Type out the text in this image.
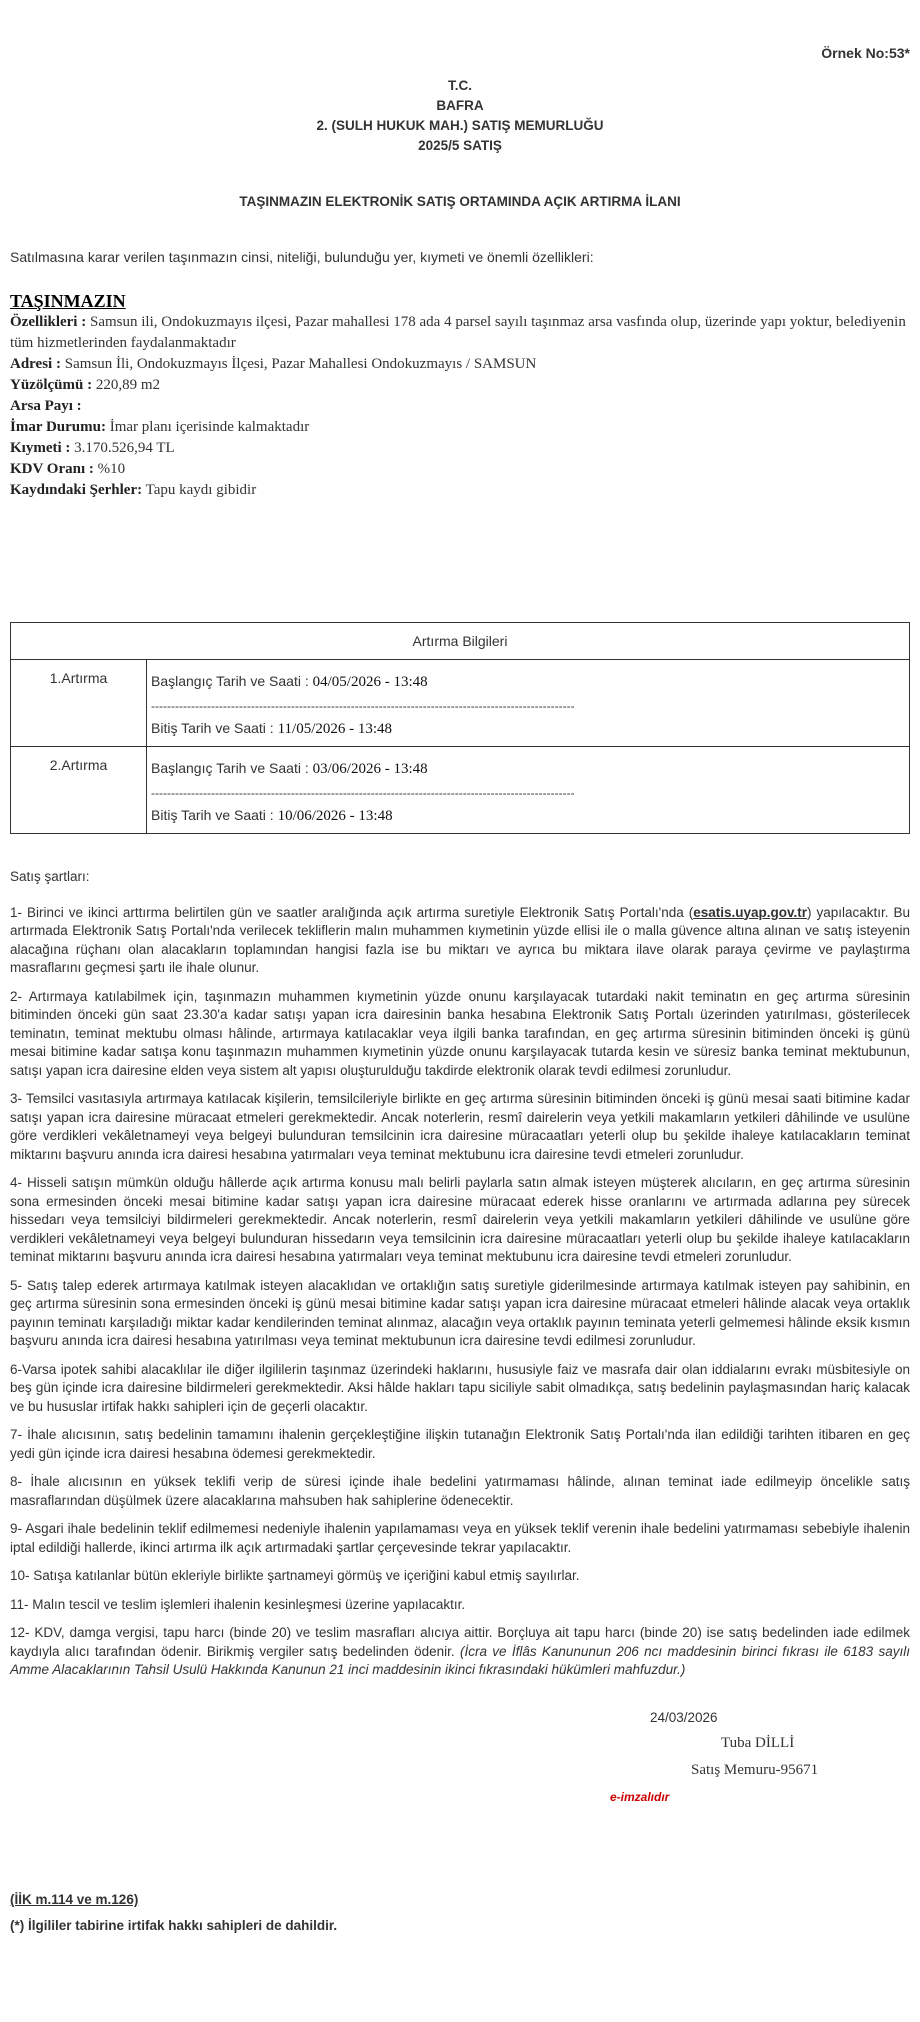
Örnek No:53*
T.C.
BAFRA
2. (SULH HUKUK MAH.) SATIŞ MEMURLUĞU
2025/5 SATIŞ
TAŞINMAZIN ELEKTRONİK SATIŞ ORTAMINDA AÇIK ARTIRMA İLANI
Satılmasına karar verilen taşınmazın cinsi, niteliği, bulunduğu yer, kıymeti ve önemli özellikleri:
TAŞINMAZIN
Özellikleri : Samsun ili, Ondokuzmayıs ilçesi, Pazar mahallesi 178 ada 4 parsel sayılı taşınmaz arsa vasfında olup, üzerinde yapı yoktur, belediyenin tüm hizmetlerinden faydalanmaktadır
Adresi : Samsun İli, Ondokuzmayıs İlçesi, Pazar Mahallesi Ondokuzmayıs / SAMSUN
Yüzölçümü : 220,89 m2
Arsa Payı :
İmar Durumu: İmar planı içerisinde kalmaktadır
Kıymeti : 3.170.526,94 TL
KDV Oranı : %10
Kaydındaki Şerhler: Tapu kaydı gibidir
Artırma Bilgileri	
1.Artırma	Başlangıç Tarih ve Saati : 04/05/2026 - 13:48
----------------------------------------------------------------------------------------------------------
Bitiş Tarih ve Saati : 11/05/2026 - 13:48

2.Artırma	Başlangıç Tarih ve Saati : 03/06/2026 - 13:48
----------------------------------------------------------------------------------------------------------
Bitiş Tarih ve Saati : 10/06/2026 - 13:48

Satış şartları:

1- Birinci ve ikinci arttırma belirtilen gün ve saatler aralığında açık artırma suretiyle Elektronik Satış Portalı'nda (esatis.uyap.gov.tr) yapılacaktır. Bu artırmada Elektronik Satış Portalı'nda verilecek tekliflerin malın muhammen kıymetinin yüzde ellisi ile o malla güvence altına alınan ve satış isteyenin alacağına rüçhanı olan alacakların toplamından hangisi fazla ise bu miktarı ve ayrıca bu miktara ilave olarak paraya çevirme ve paylaştırma masraflarını geçmesi şartı ile ihale olunur.

2- Artırmaya katılabilmek için, taşınmazın muhammen kıymetinin yüzde onunu karşılayacak tutardaki nakit teminatın en geç artırma süresinin bitiminden önceki gün saat 23.30'a kadar satışı yapan icra dairesinin banka hesabına Elektronik Satış Portalı üzerinden yatırılması, gösterilecek teminatın, teminat mektubu olması hâlinde, artırmaya katılacaklar veya ilgili banka tarafından, en geç artırma süresinin bitiminden önceki iş günü mesai bitimine kadar satışa konu taşınmazın muhammen kıymetinin yüzde onunu karşılayacak tutarda kesin ve süresiz banka teminat mektubunun, satışı yapan icra dairesine elden veya sistem alt yapısı oluşturulduğu takdirde elektronik olarak tevdi edilmesi zorunludur.

3- Temsilci vasıtasıyla artırmaya katılacak kişilerin, temsilcileriyle birlikte en geç artırma süresinin bitiminden önceki iş günü mesai saati bitimine kadar satışı yapan icra dairesine müracaat etmeleri gerekmektedir. Ancak noterlerin, resmî dairelerin veya yetkili makamların yetkileri dâhilinde ve usulüne göre verdikleri vekâletnameyi veya belgeyi bulunduran temsilcinin icra dairesine müracaatları yeterli olup bu şekilde ihaleye katılacakların teminat miktarını başvuru anında icra dairesi hesabına yatırmaları veya teminat mektubunu icra dairesine tevdi etmeleri zorunludur.

4- Hisseli satışın mümkün olduğu hâllerde açık artırma konusu malı belirli paylarla satın almak isteyen müşterek alıcıların, en geç artırma süresinin sona ermesinden önceki mesai bitimine kadar satışı yapan icra dairesine müracaat ederek hisse oranlarını ve artırmada adlarına pey sürecek hissedarı veya temsilciyi bildirmeleri gerekmektedir. Ancak noterlerin, resmî dairelerin veya yetkili makamların yetkileri dâhilinde ve usulüne göre verdikleri vekâletnameyi veya belgeyi bulunduran hissedarın veya temsilcinin icra dairesine müracaatları yeterli olup bu şekilde ihaleye katılacakların teminat miktarını başvuru anında icra dairesi hesabına yatırmaları veya teminat mektubunu icra dairesine tevdi etmeleri zorunludur.

5- Satış talep ederek artırmaya katılmak isteyen alacaklıdan ve ortaklığın satış suretiyle giderilmesinde artırmaya katılmak isteyen pay sahibinin, en geç artırma süresinin sona ermesinden önceki iş günü mesai bitimine kadar satışı yapan icra dairesine müracaat etmeleri hâlinde alacak veya ortaklık payının teminatı karşıladığı miktar kadar kendilerinden teminat alınmaz, alacağın veya ortaklık payının teminata yeterli gelmemesi hâlinde eksik kısmın başvuru anında icra dairesi hesabına yatırılması veya teminat mektubunun icra dairesine tevdi edilmesi zorunludur.

6-Varsa ipotek sahibi alacaklılar ile diğer ilgililerin taşınmaz üzerindeki haklarını, hususiyle faiz ve masrafa dair olan iddialarını evrakı müsbitesiyle on beş gün içinde icra dairesine bildirmeleri gerekmektedir. Aksi hâlde hakları tapu siciliyle sabit olmadıkça, satış bedelinin paylaşmasından hariç kalacak ve bu hususlar irtifak hakkı sahipleri için de geçerli olacaktır.

7- İhale alıcısının, satış bedelinin tamamını ihalenin gerçekleştiğine ilişkin tutanağın Elektronik Satış Portalı'nda ilan edildiği tarihten itibaren en geç yedi gün içinde icra dairesi hesabına ödemesi gerekmektedir.

8- İhale alıcısının en yüksek teklifi verip de süresi içinde ihale bedelini yatırmaması hâlinde, alınan teminat iade edilmeyip öncelikle satış masraflarından düşülmek üzere alacaklarına mahsuben hak sahiplerine ödenecektir.

9- Asgari ihale bedelinin teklif edilmemesi nedeniyle ihalenin yapılamaması veya en yüksek teklif verenin ihale bedelini yatırmaması sebebiyle ihalenin iptal edildiği hallerde, ikinci artırma ilk açık artırmadaki şartlar çerçevesinde tekrar yapılacaktır.

10- Satışa katılanlar bütün ekleriyle birlikte şartnameyi görmüş ve içeriğini kabul etmiş sayılırlar.

11- Malın tescil ve teslim işlemleri ihalenin kesinleşmesi üzerine yapılacaktır.

12- KDV, damga vergisi, tapu harcı (binde 20) ve teslim masrafları alıcıya aittir. Borçluya ait tapu harcı (binde 20) ise satış bedelinden iade edilmek kaydıyla alıcı tarafından ödenir. Birikmiş vergiler satış bedelinden ödenir. (İcra ve İflâs Kanununun 206 ncı maddesinin birinci fıkrası ile 6183 sayılı Amme Alacaklarının Tahsil Usulü Hakkında Kanunun 21 inci maddesinin ikinci fıkrasındaki hükümleri mahfuzdur.)

24/03/2026
Tuba DİLLİ
Satış Memuru-95671
e-imzalıdır
(İİK m.114 ve m.126)
(*) İlgililer tabirine irtifak hakkı sahipleri de dahildir.
